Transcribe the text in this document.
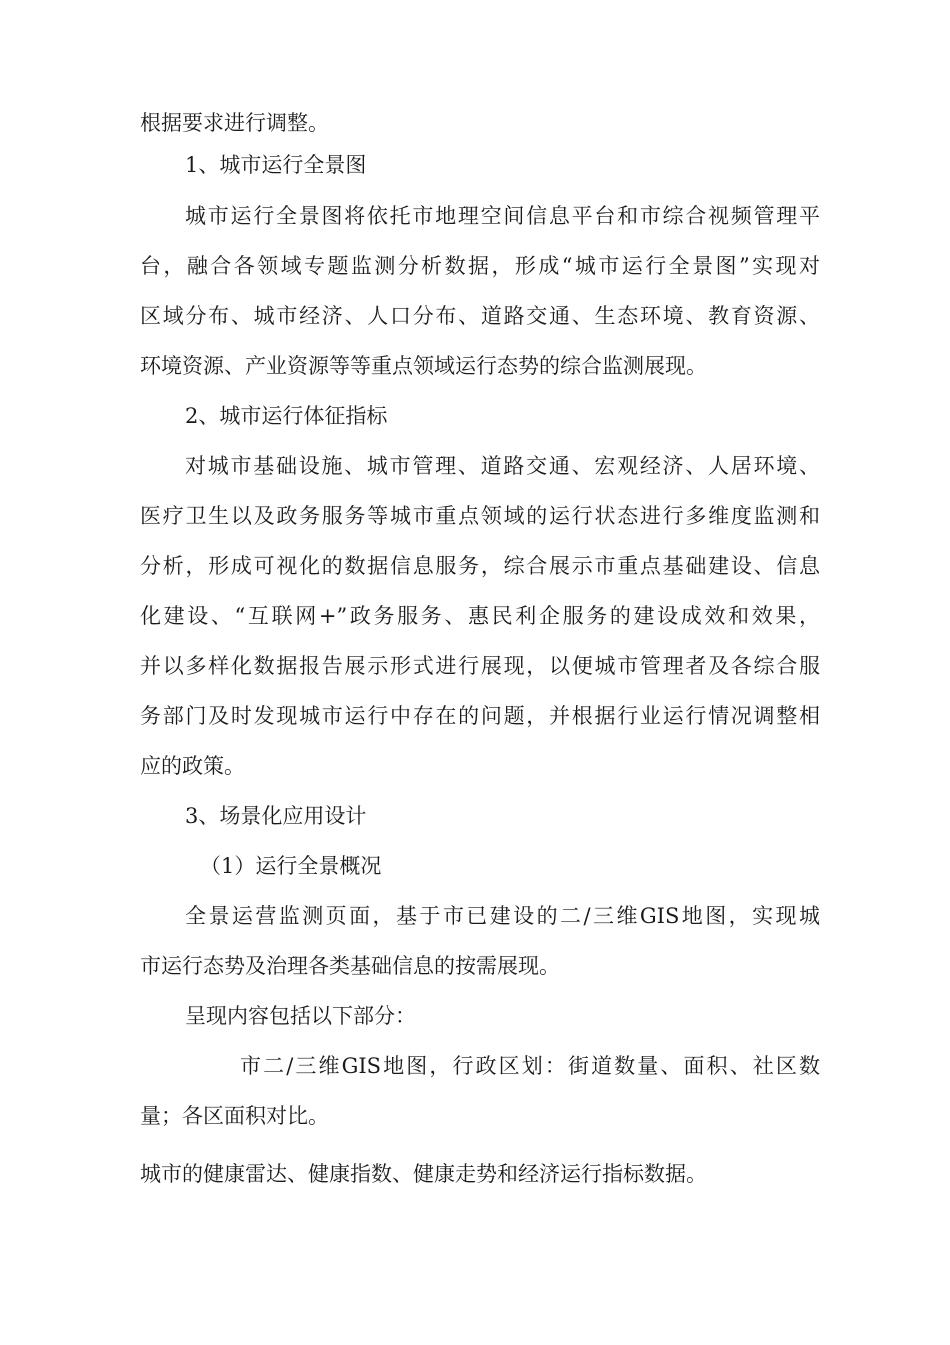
根据要求进行调整。
1、城市运行全景图
城市运行全景图将依托市地理空间信息平台和市综合视频管理平
台，融合各领域专题监测分析数据，形成“城市运行全景图”实现对
区域分布、城市经济、人口分布、道路交通、生态环境、教育资源、
环境资源、产业资源等等重点领域运行态势的综合监测展现。
2、城市运行体征指标
对城市基础设施、城市管理、道路交通、宏观经济、人居环境、
医疗卫生以及政务服务等城市重点领域的运行状态进行多维度监测和
分析，形成可视化的数据信息服务，综合展示市重点基础建设、信息
化建设、“互联网+”政务服务、惠民利企服务的建设成效和效果，
并以多样化数据报告展示形式进行展现，以便城市管理者及各综合服
务部门及时发现城市运行中存在的问题，并根据行业运行情况调整相
应的政策。
3、场景化应用设计
（1）运行全景概况
全景运营监测页面，基于市已建设的二/三维GIS地图，实现城
市运行态势及治理各类基础信息的按需展现。
呈现内容包括以下部分：
市二/三维GIS地图，行政区划：街道数量、面积、社区数
量；各区面积对比。
城市的健康雷达、健康指数、健康走势和经济运行指标数据。
